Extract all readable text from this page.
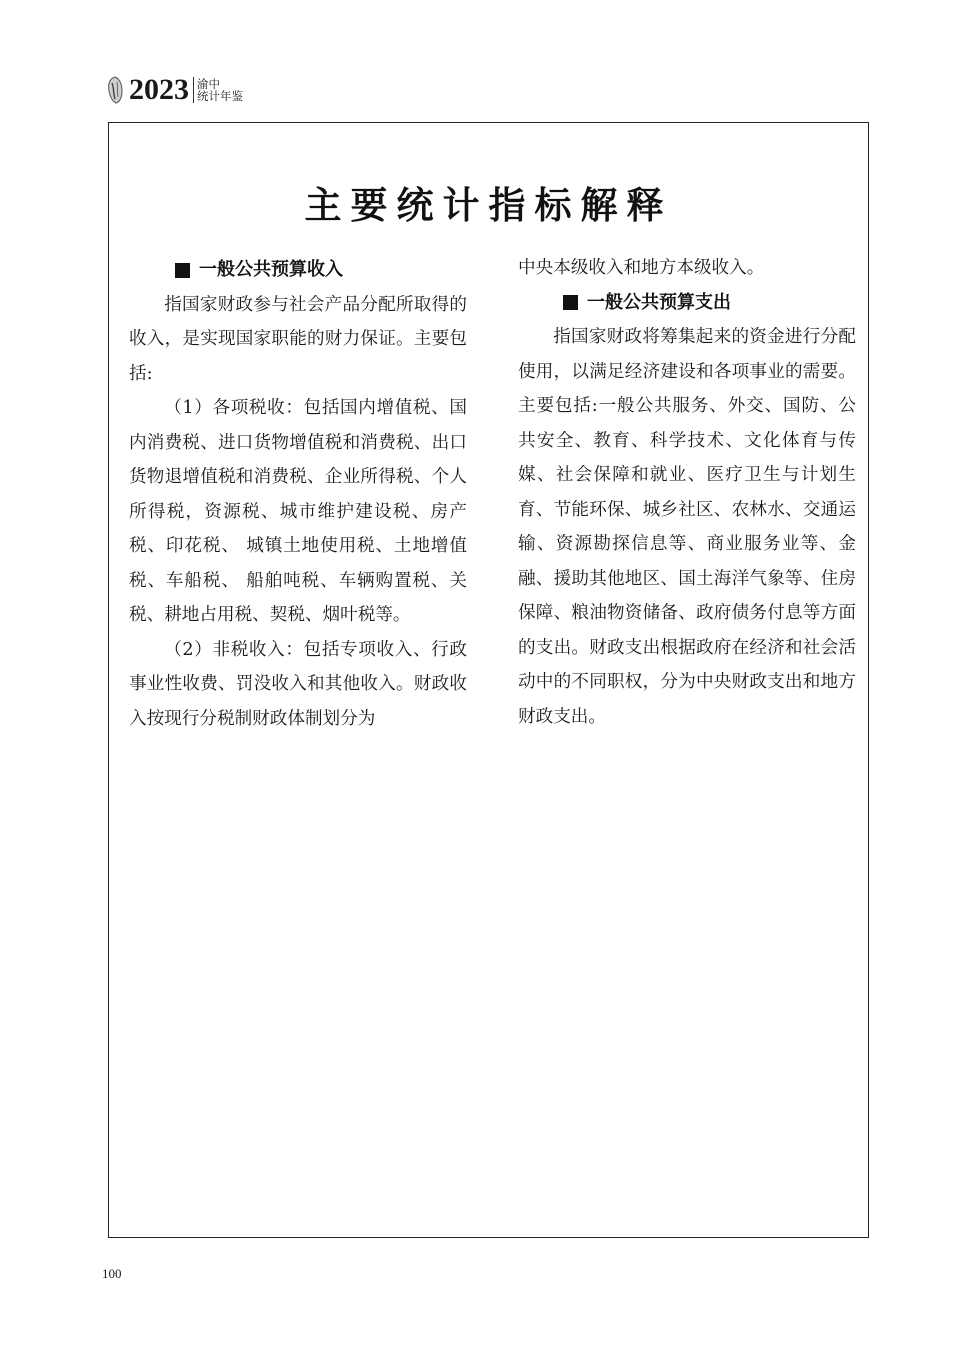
2023 渝中
统计年鉴
主要统计指标解释
一般公共预算收入

指国家财政参与社会产品分配所取得的收入，是实现国家职能的财力保证。主要包括:

（1）各项税收：包括国内增值税、国内消费税、进口货物增值税和消费税、出口货物退增值税和消费税、企业所得税、个人所得税，资源税、城市维护建设税、房产税、印花税、 城镇土地使用税、土地增值税、车船税、 船舶吨税、车辆购置税、关税、耕地占用税、契税、烟叶税等。

（2）非税收入：包括专项收入、行政事业性收费、罚没收入和其他收入。财政收入按现行分税制财政体制划分为

中央本级收入和地方本级收入。

一般公共预算支出

指国家财政将筹集起来的资金进行分配使用，以满足经济建设和各项事业的需要。主要包括:一般公共服务、外交、国防、公共安全、教育、科学技术、文化体育与传媒、社会保障和就业、医疗卫生与计划生育、节能环保、城乡社区、农林水、交通运输、资源勘探信息等、商业服务业等、金融、援助其他地区、国土海洋气象等、住房保障、粮油物资储备、政府债务付息等方面的支出。财政支出根据政府在经济和社会活动中的不同职权，分为中央财政支出和地方财政支出。

100
